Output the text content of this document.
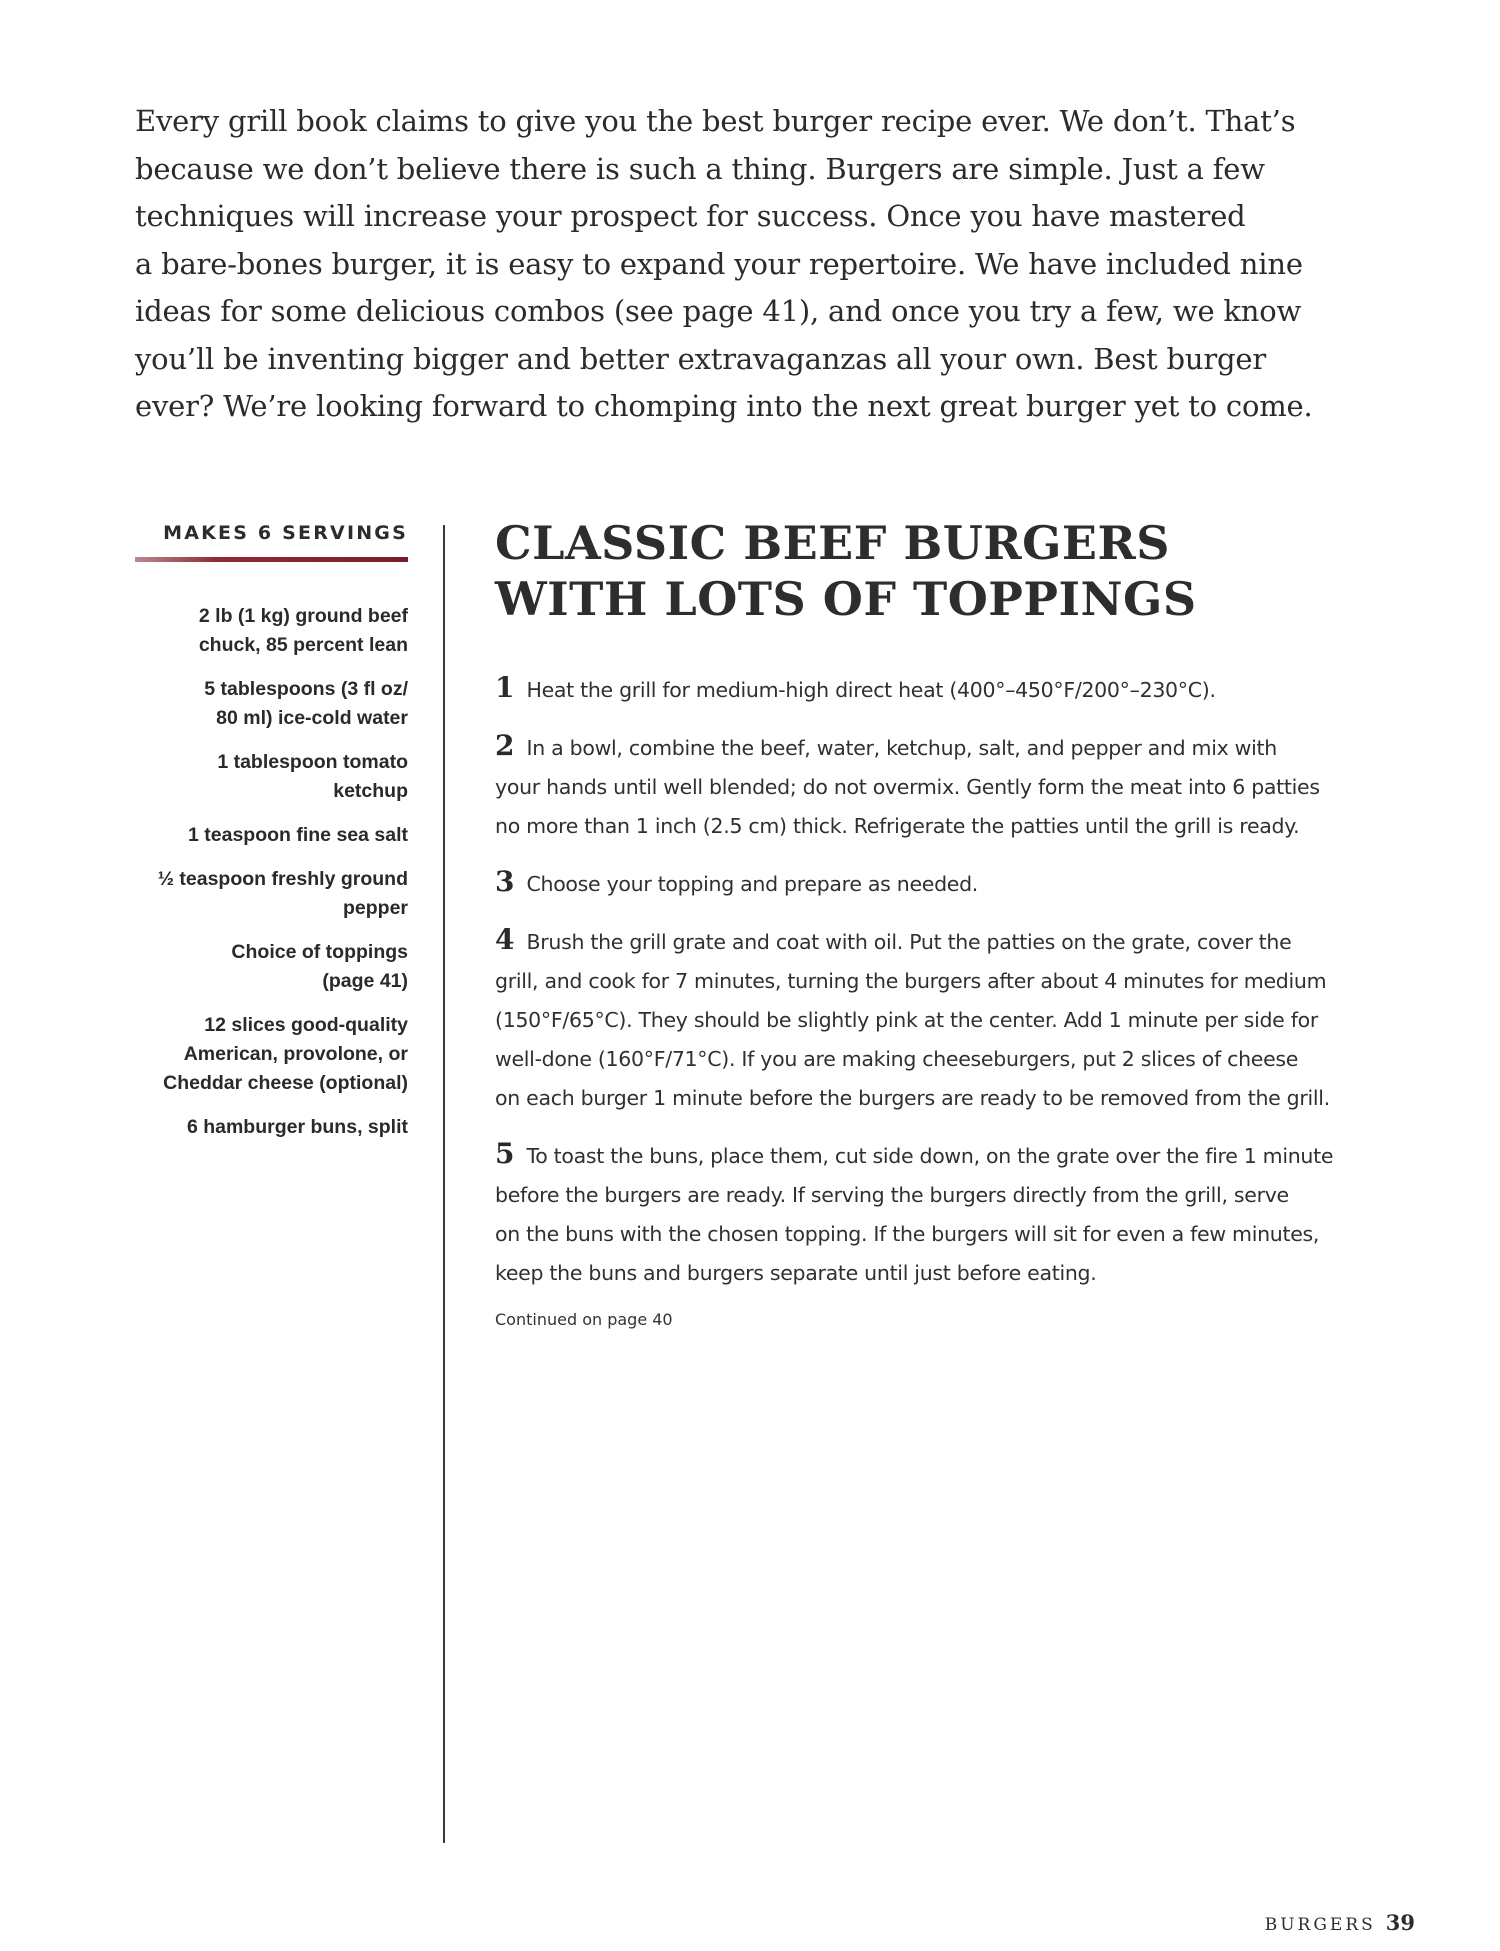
Every grill book claims to give you the best burger recipe ever. We don’t. That’s
because we don’t believe there is such a thing. Burgers are simple. Just a few
techniques will increase your prospect for success. Once you have mastered
a bare-bones burger, it is easy to expand your repertoire. We have included nine
ideas for some delicious combos (see page 41), and once you try a few, we know
you’ll be inventing bigger and better extravaganzas all your own. Best burger
ever? We’re looking forward to chomping into the next great burger yet to come.

MAKES 6 SERVINGS
2 lb (1 kg) ground beef
chuck, 85 percent lean
5 tablespoons (3 fl oz/
80 ml) ice-cold water
1 tablespoon tomato
ketchup
1 teaspoon fine sea salt
½ teaspoon freshly ground
pepper
Choice of toppings
(page 41)
12 slices good-quality
American, provolone, or
Cheddar cheese (optional)
6 hamburger buns, split
CLASSIC BEEF BURGERS
WITH LOTS OF TOPPINGS
1 Heat the grill for medium-high direct heat (400°–450°F/200°–230°C).
2 In a bowl, combine the beef, water, ketchup, salt, and pepper and mix with
your hands until well blended; do not overmix. Gently form the meat into 6 patties
no more than 1 inch (2.5 cm) thick. Refrigerate the patties until the grill is ready.
3 Choose your topping and prepare as needed.
4 Brush the grill grate and coat with oil. Put the patties on the grate, cover the
grill, and cook for 7 minutes, turning the burgers after about 4 minutes for medium
(150°F/65°C). They should be slightly pink at the center. Add 1 minute per side for
well-done (160°F/71°C). If you are making cheeseburgers, put 2 slices of cheese
on each burger 1 minute before the burgers are ready to be removed from the grill.
5 To toast the buns, place them, cut side down, on the grate over the fire 1 minute
before the burgers are ready. If serving the burgers directly from the grill, serve
on the buns with the chosen topping. If the burgers will sit for even a few minutes,
keep the buns and burgers separate until just before eating.
Continued on page 40
BURGERS 39
